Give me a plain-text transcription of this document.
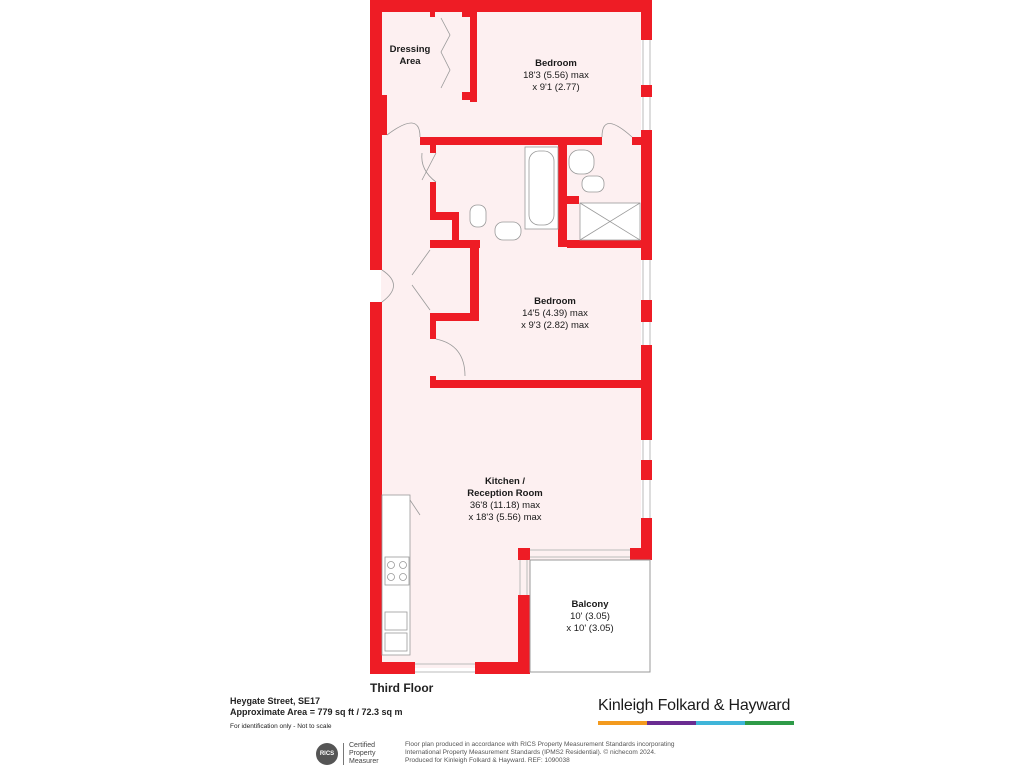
Dressing
Area	Bedroom
18'3 (5.56) max
x 9'1 (2.77)
Bedroom
14'5 (4.39) max
x 9'3 (2.82) max
Kitchen /
Reception Room
36'8 (11.18) max
x 18'3 (5.56) max
Balcony
10' (3.05)
x 10' (3.05)
Third Floor
Heygate Street, SE17
Approximate Area = 779 sq ft / 72.3 sq m
For identification only - Not to scale
Kinleigh Folkard & Hayward
RICS
Certified
Property
Measurer
Floor plan produced in accordance with RICS Property Measurement Standards incorporating
International Property Measurement Standards (IPMS2 Residential). © nichecom 2024.
Produced for Kinleigh Folkard & Hayward. REF: 1090038
